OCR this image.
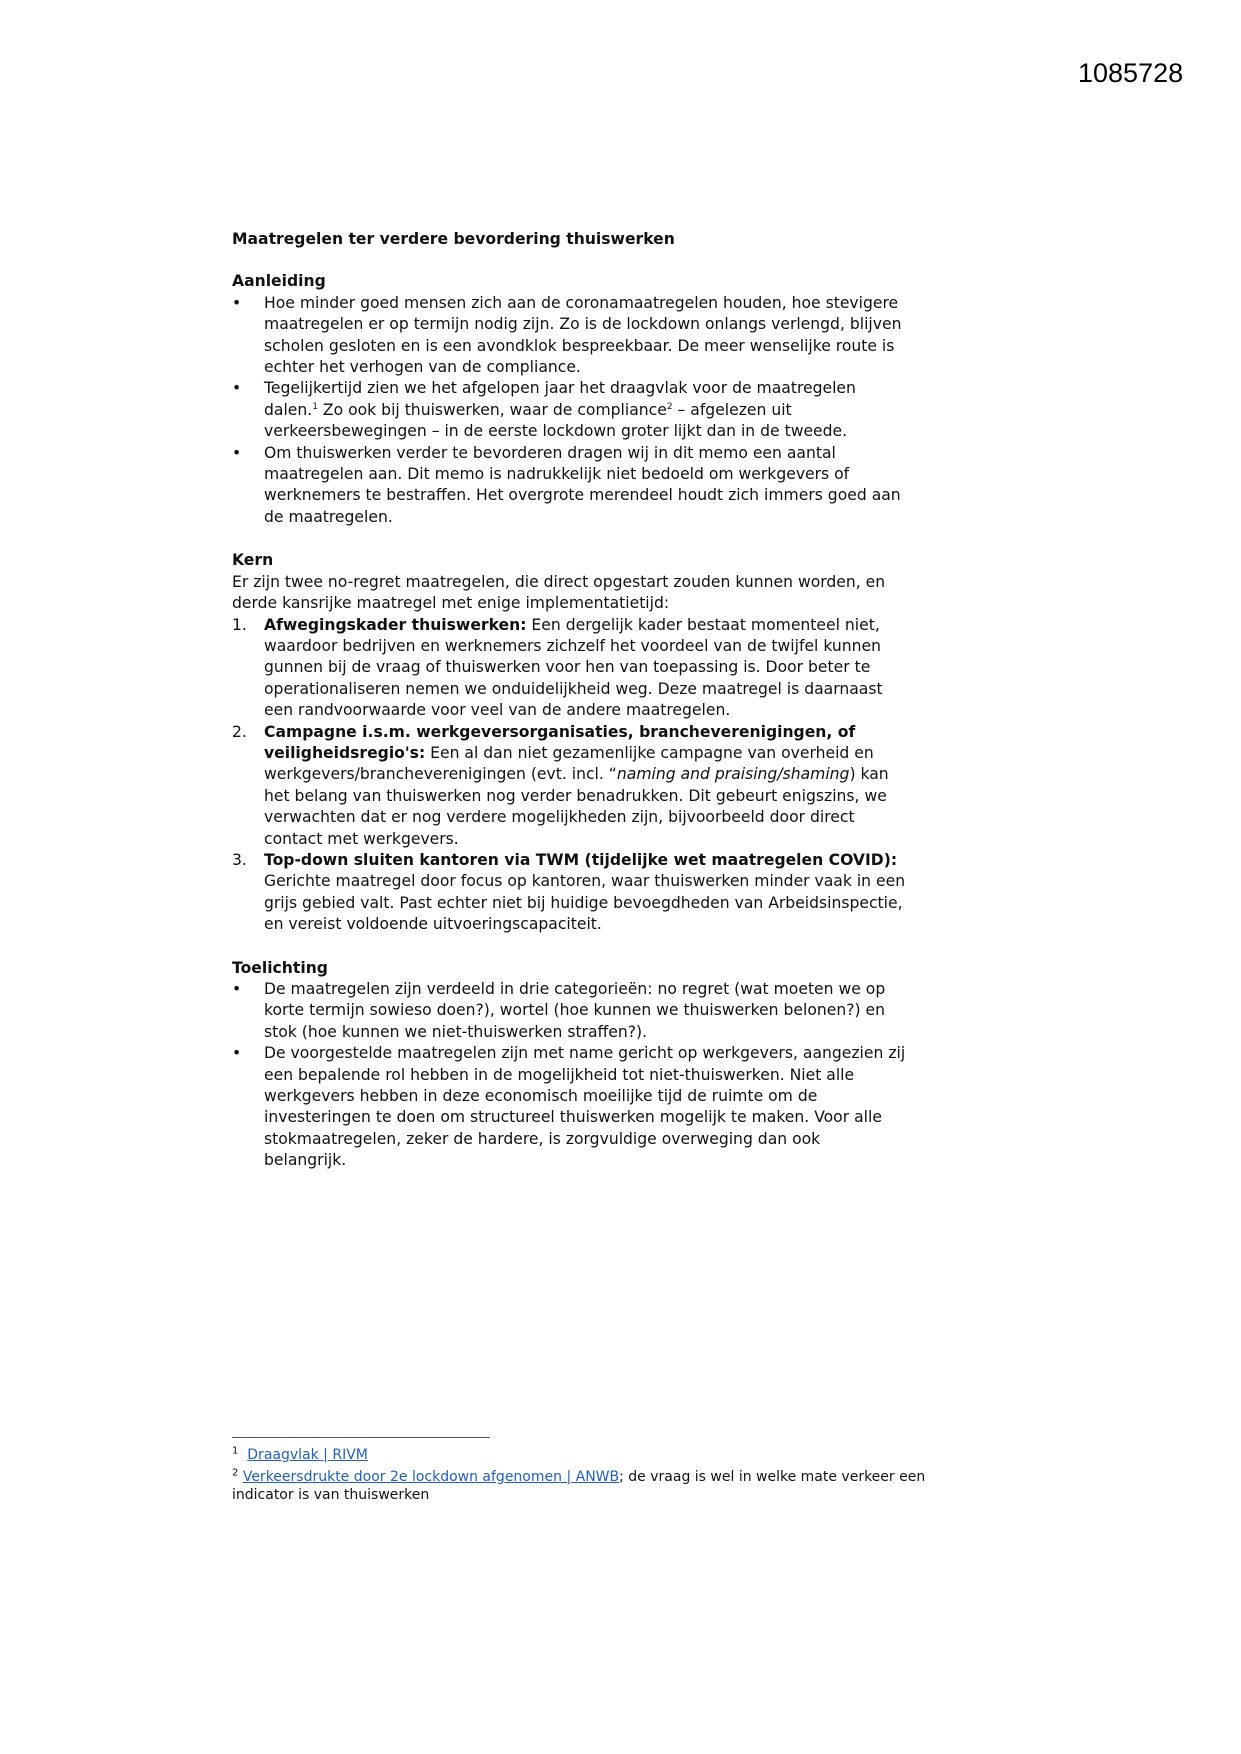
1085728

Maatregelen ter verdere bevordering thuiswerken

Aanleiding

• Hoe minder goed mensen zich aan de coronamaatregelen houden, hoe stevigere maatregelen er op termijn nodig zijn. Zo is de lockdown onlangs verlengd, blijven scholen gesloten en is een avondklok bespreekbaar. De meer wenselijke route is echter het verhogen van de compliance.
• Tegelijkertijd zien we het afgelopen jaar het draagvlak voor de maatregelen dalen.$^1$ Zo ook bij thuiswerken, waar de compliance$^2$ – afgelezen uit verkeersbewegingen – in de eerste lockdown groter lijkt dan in de tweede.
• Om thuiswerken verder te bevorderen dragen wij in dit memo een aantal maatregelen aan. Dit memo is nadrukkelijk niet bedoeld om werkgevers of werknemers te bestraffen. Het overgrote merendeel houdt zich immers goed aan de maatregelen.

Kern

Er zijn twee no-regret maatregelen, die direct opgestart zouden kunnen worden, en derde kansrijke maatregel met enige implementatietijd:

1. Afwegingskader thuiswerken: Een dergelijk kader bestaat momenteel niet, waardoor bedrijven en werknemers zichzelf het voordeel van de twijfel kunnen gunnen bij de vraag of thuiswerken voor hen van toepassing is. Door beter te operationaliseren nemen we onduidelijkheid weg. Deze maatregel is daarnaast een randvoorwaarde voor veel van de andere maatregelen.
2. Campagne i.s.m. werkgeversorganisaties, brancheverenigingen, of veiligheidsregio's: Een al dan niet gezamenlijke campagne van overheid en werkgevers/brancheverenigingen (evt. incl. “naming and praising/shaming) kan het belang van thuiswerken nog verder benadrukken. Dit gebeurt enigszins, we verwachten dat er nog verdere mogelijkheden zijn, bijvoorbeeld door direct contact met werkgevers.
3. Top-down sluiten kantoren via TWM (tijdelijke wet maatregelen COVID): Gerichte maatregel door focus op kantoren, waar thuiswerken minder vaak in een grijs gebied valt. Past echter niet bij huidige bevoegdheden van Arbeidsinspectie, en vereist voldoende uitvoeringscapaciteit.

Toelichting

• De maatregelen zijn verdeeld in drie categorieën: no regret (wat moeten we op korte termijn sowieso doen?), wortel (hoe kunnen we thuiswerken belonen?) en stok (hoe kunnen we niet-thuiswerken straffen?).
• De voorgestelde maatregelen zijn met name gericht op werkgevers, aangezien zij een bepalende rol hebben in de mogelijkheid tot niet-thuiswerken. Niet alle werkgevers hebben in deze economisch moeilijke tijd de ruimte om de investeringen te doen om structureel thuiswerken mogelijk te maken. Voor alle stokmaatregelen, zeker de hardere, is zorgvuldige overweging dan ook belangrijk.

$^1$ Draagvlak | RIVM

$^2$ Verkeersdrukte door 2e lockdown afgenomen | ANWB; de vraag is wel in welke mate verkeer een indicator is van thuiswerken
